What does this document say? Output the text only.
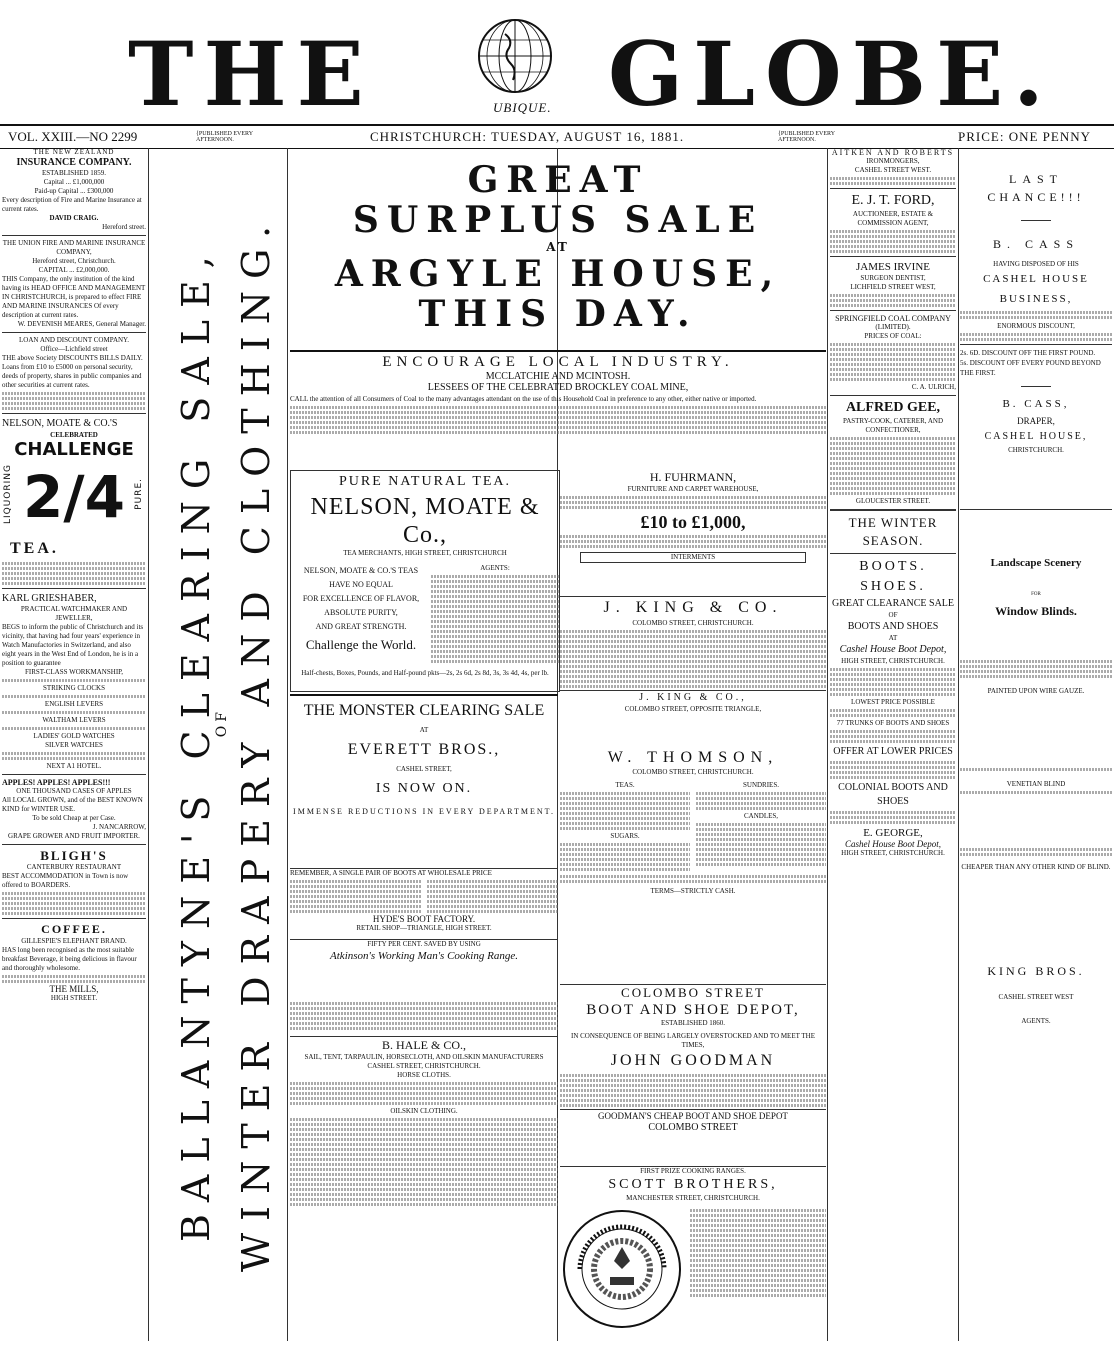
THE	UBIQUE. GLOBE.
VOL. XXIII.—NO 2299	{PUBLISHED EVERY AFTERNOON.	CHRISTCHURCH: TUESDAY, AUGUST 16, 1881.	{PUBLISHED EVERY AFTERNOON.	PRICE: ONE PENNY
THE NEW ZEALAND
INSURANCE COMPANY.
ESTABLISHED 1859.
Capital ... £1,000,000
Paid-up Capital ... £300,000
Every description of Fire and Marine Insurance at current rates.
DAVID CRAIG.
Hereford street.
THE UNION FIRE AND MARINE INSURANCE COMPANY,
Hereford street, Christchurch.
CAPITAL ... £2,000,000.
THIS Company, the only institution of the kind having its HEAD OFFICE AND MANAGEMENT IN CHRISTCHURCH, is prepared to effect FIRE AND MARINE INSURANCES Of every description at current rates.
W. DEVENISH MEARES, General Manager.
LOAN AND DISCOUNT COMPANY.
Office—Lichfield street
THE above Society DISCOUNTS BILLS DAILY. Loans from £10 to £5000 on personal security, deeds of property, shares in public companies and other securities at current rates.
NELSON, MOATE & CO.'S
CELEBRATED
CHALLENGE
LIQUORING 2/4	PURE.
TEA.
KARL GRIESHABER,
PRACTICAL WATCHMAKER AND JEWELLER,
BEGS to inform the public of Christchurch and its vicinity, that having had four years' experience in Watch Manufactories in Switzerland, and also eight years in the West End of London, he is in a position to guarantee
FIRST-CLASS WORKMANSHIP,
STRIKING CLOCKS
ENGLISH LEVERS
WALTHAM LEVERS
LADIES' GOLD WATCHES
SILVER WATCHES
NEXT A1 HOTEL.
APPLES! APPLES! APPLES!!!
ONE THOUSAND CASES OF APPLES
All LOCAL GROWN, and of the BEST KNOWN KIND for WINTER USE.
To be sold Cheap at per Case.
J. NANCARROW,
GRAPE GROWER AND FRUIT IMPORTER.
BLIGH'S
CANTERBURY RESTAURANT
BEST ACCOMMODATION in Town is now offered to BOARDERS.
COFFEE.
GILLESPIE'S ELEPHANT BRAND.
HAS long been recognised as the most suitable breakfast Beverage, it being delicious in flavour and thoroughly wholesome.
THE MILLS,
HIGH STREET.	BALLANTYNE'S CLEARING SALE,
OF WINTER DRAPERY AND CLOTHING.
GREAT
SURPLUS SALE
AT
ARGYLE HOUSE,
THIS DAY.
ENCOURAGE LOCAL INDUSTRY.
MCCLATCHIE AND MCINTOSH.
LESSEES OF THE CELEBRATED BROCKLEY COAL MINE,
CALL the attention of all Consumers of Coal to the many advantages attendant on the use of this Household Coal in preference to any other, either native or imported.
PURE NATURAL TEA.
NELSON, MOATE & Co.,
TEA MERCHANTS, HIGH STREET, CHRISTCHURCH
NELSON, MOATE & CO.'S TEAS
HAVE NO EQUAL
FOR EXCELLENCE OF FLAVOR,
ABSOLUTE PURITY,
AND GREAT STRENGTH.
Challenge the World.
AGENTS:
Half-chests, Boxes, Pounds, and Half-pound pkts—2s, 2s 6d, 2s 8d, 3s, 3s 4d, 4s, per lb.
H. FUHRMANN,
FURNITURE AND CARPET WAREHOUSE,
£10 to £1,000,
INTERMENTS
J. KING & CO.
COLOMBO STREET, CHRISTCHURCH.
J. KING & CO.,
COLOMBO STREET, OPPOSITE TRIANGLE,
THE MONSTER CLEARING SALE
AT
EVERETT BROS.,
CASHEL STREET,
IS NOW ON.
IMMENSE REDUCTIONS IN EVERY DEPARTMENT.
W. THOMSON,
COLOMBO STREET, CHRISTCHURCH.
TEAS.
SUGARS.
SUNDRIES.
CANDLES,
TERMS—STRICTLY CASH.
REMEMBER, A SINGLE PAIR OF BOOTS AT WHOLESALE PRICE
HYDE'S BOOT FACTORY.
RETAIL SHOP—TRIANGLE, HIGH STREET.
FIFTY PER CENT. SAVED BY USING
Atkinson's Working Man's Cooking Range.
B. HALE & CO.,
SAIL, TENT, TARPAULIN, HORSECLOTH, AND OILSKIN MANUFACTURERS
CASHEL STREET, CHRISTCHURCH.
HORSE CLOTHS.
OILSKIN CLOTHING.
COLOMBO STREET
BOOT AND SHOE DEPOT,
ESTABLISHED 1860.
IN CONSEQUENCE OF BEING LARGELY OVERSTOCKED AND TO MEET THE TIMES,
JOHN GOODMAN
GOODMAN'S CHEAP BOOT AND SHOE DEPOT
COLOMBO STREET
FIRST PRIZE COOKING RANGES.
SCOTT BROTHERS,
MANCHESTER STREET, CHRISTCHURCH.
AITKEN AND ROBERTS
IRONMONGERS,
CASHEL STREET WEST.
E. J. T. FORD,
AUCTIONEER, ESTATE & COMMISSION AGENT,
JAMES IRVINE
SURGEON DENTIST,
LICHFIELD STREET WEST,
SPRINGFIELD COAL COMPANY
(LIMITED).
PRICES OF COAL:
C. A. ULRICH,
ALFRED GEE,
PASTRY-COOK, CATERER, AND CONFECTIONER,
GLOUCESTER STREET.
THE WINTER SEASON.
BOOTS.
SHOES.
GREAT CLEARANCE SALE
OF
BOOTS AND SHOES
AT
Cashel House Boot Depot,
HIGH STREET, CHRISTCHURCH.
LOWEST PRICE POSSIBLE
77 TRUNKS OF BOOTS AND SHOES
OFFER AT LOWER PRICES
COLONIAL BOOTS AND SHOES
E. GEORGE,
Cashel House Boot Depot,
HIGH STREET, CHRISTCHURCH.
LAST
CHANCE!!!
B. CASS
HAVING DISPOSED OF HIS
CASHEL HOUSE
BUSINESS,
ENORMOUS DISCOUNT,
2s. 6D. DISCOUNT OFF THE FIRST POUND.
5s. DISCOUNT OFF EVERY POUND BEYOND THE FIRST.
B. CASS,
DRAPER,
CASHEL HOUSE,
CHRISTCHURCH.
Landscape Scenery
FOR
Window Blinds.
PAINTED UPON WIRE GAUZE.
VENETIAN BLIND
CHEAPER THAN ANY OTHER KIND OF BLIND.
KING BROS.
CASHEL STREET WEST
AGENTS.
